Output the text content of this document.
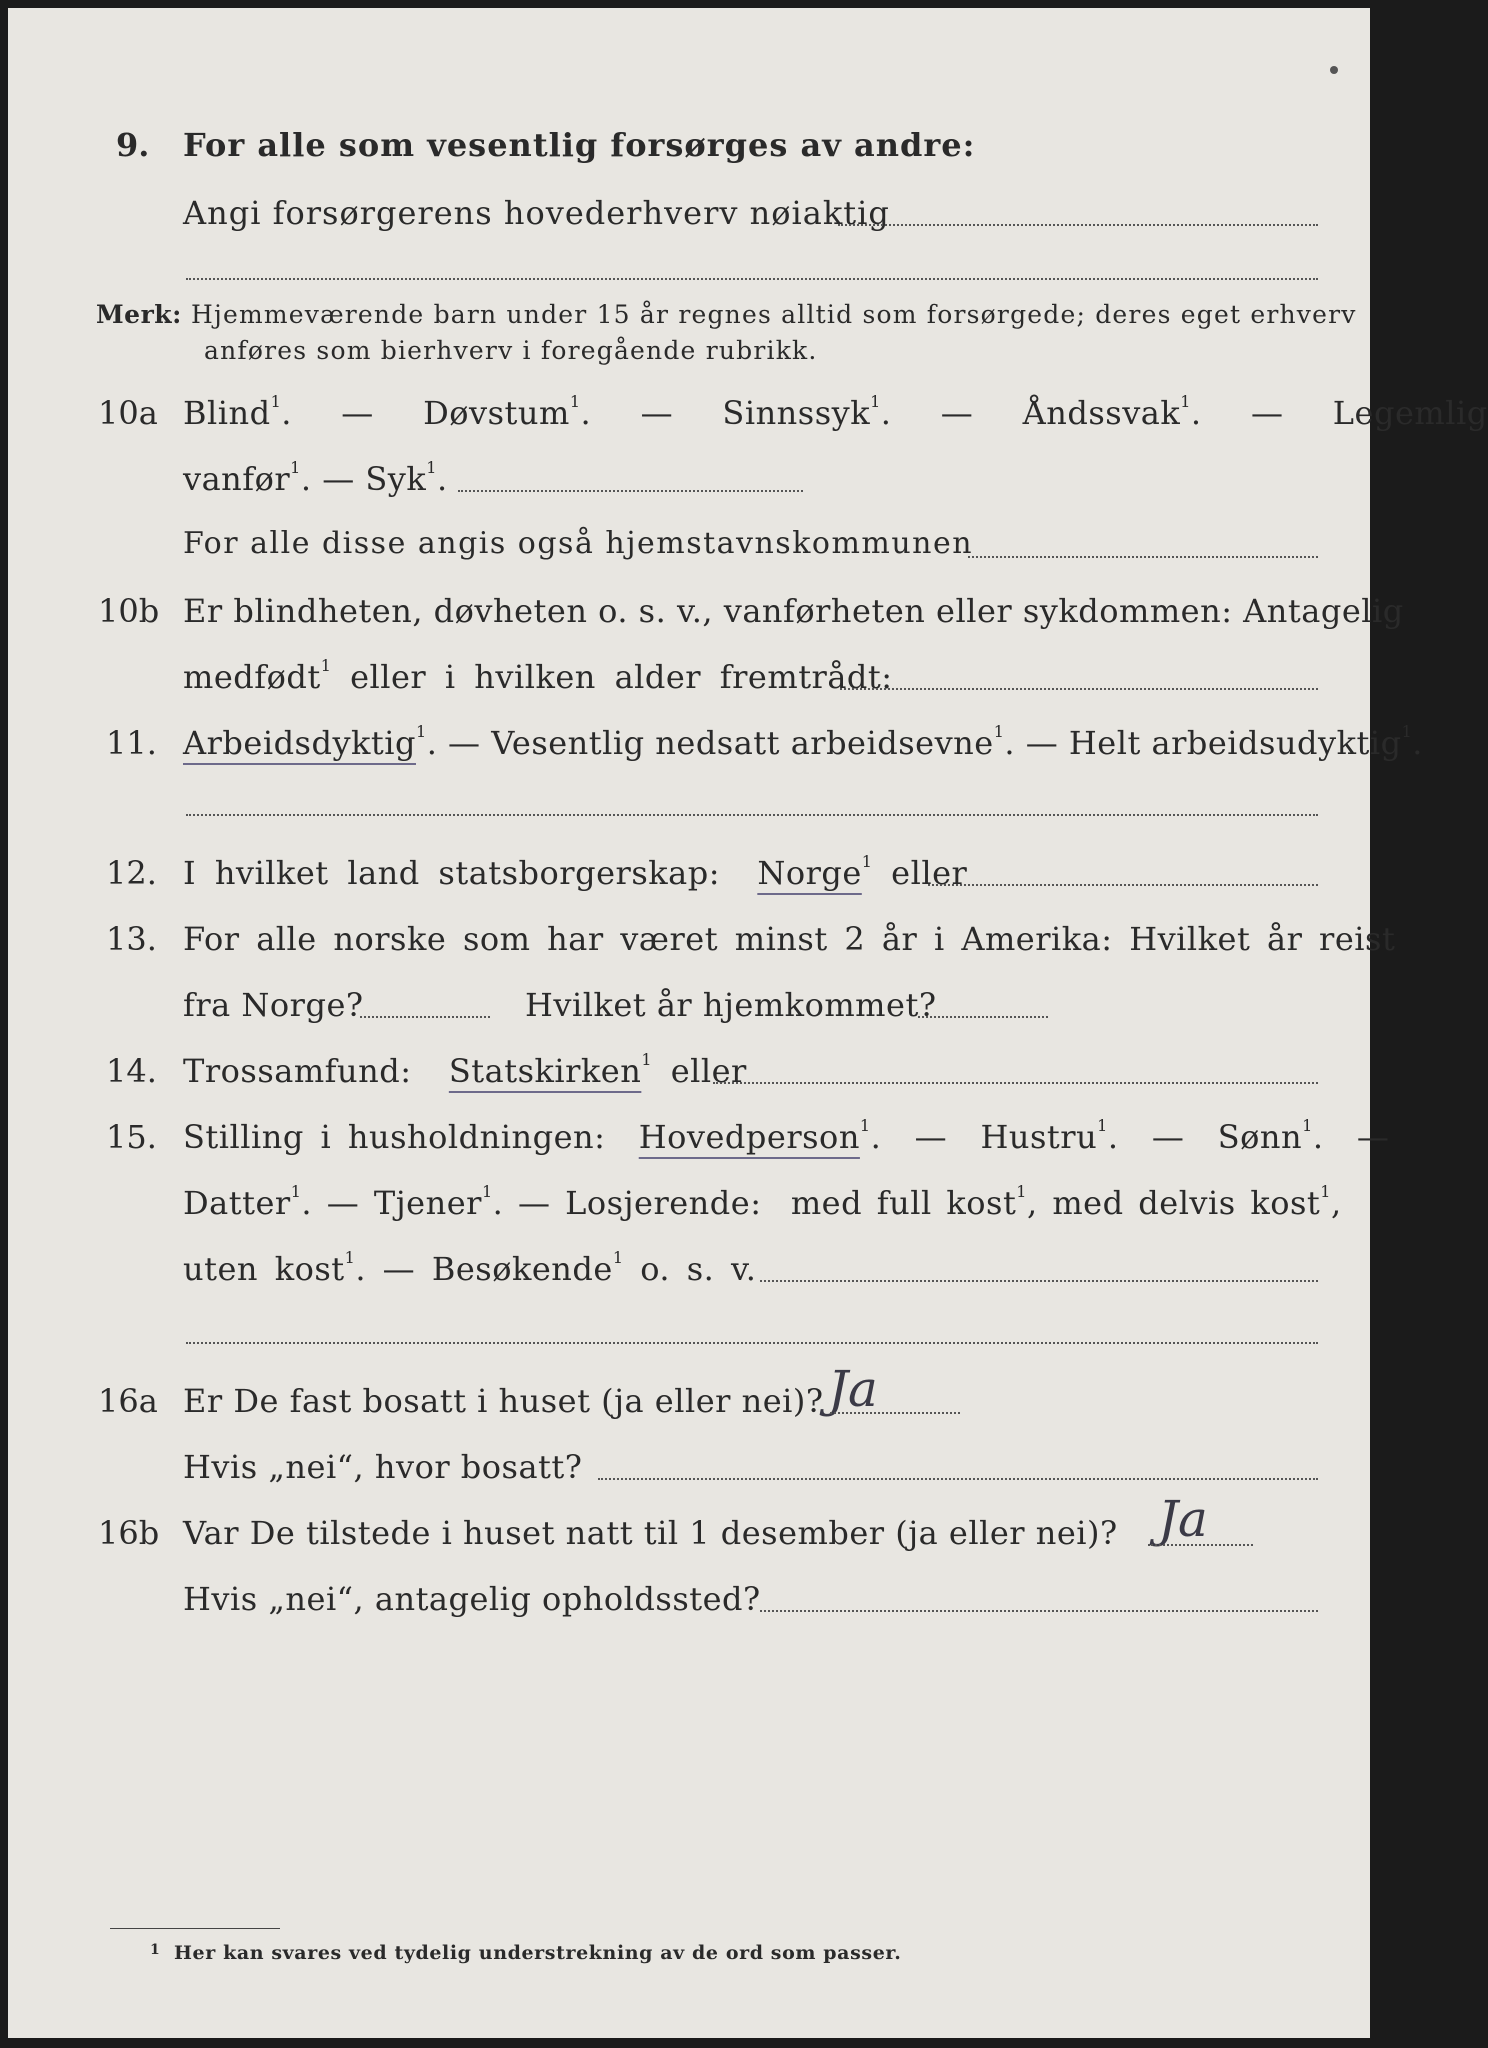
9. For alle som vesentlig forsørges av andre:
Angi forsørgerens hovederhverv nøiaktig
Merk: Hjemmeværende barn under 15 år regnes alltid som forsørgede; deres eget erhverv
anføres som bierhverv i foregående rubrikk.
10a Blind$^1$.  —  Døvstum$^1$.  —  Sinnssyk$^1$.  —  Åndssvak$^1$.  —  Legemlig
vanfør$^1$. — Syk$^1$.
For alle disse angis også hjemstavnskommunen
10b Er blindheten, døvheten o. s. v., vanførheten eller sykdommen: Antagelig
medfødt$^1$ eller i hvilken alder fremtrådt:
11. Arbeidsdyktig$^1$. — Vesentlig nedsatt arbeidsevne$^1$. — Helt arbeidsudyktig$^1$.
12. I hvilket land statsborgerskap: Norge$^1$ eller
13. For alle norske som har været minst 2 år i Amerika: Hvilket år reist
fra Norge?	Hvilket år hjemkommet?
14. Trossamfund: Statskirken$^1$ eller
15. Stilling i husholdningen: Hovedperson$^1$.  —  Hustru$^1$.  —  Sønn$^1$.  —
Datter$^1$. — Tjener$^1$. — Losjerende: med full kost$^1$, med delvis kost$^1$,
uten kost$^1$. — Besøkende$^1$ o. s. v.
16a Er De fast bosatt i huset (ja eller nei)? Ja
Hvis „nei“, hvor bosatt?
16b Var De tilstede i huset natt til 1 desember (ja eller nei)? Ja
Hvis „nei“, antagelig opholdssted?
1 Her kan svares ved tydelig understrekning av de ord som passer.
